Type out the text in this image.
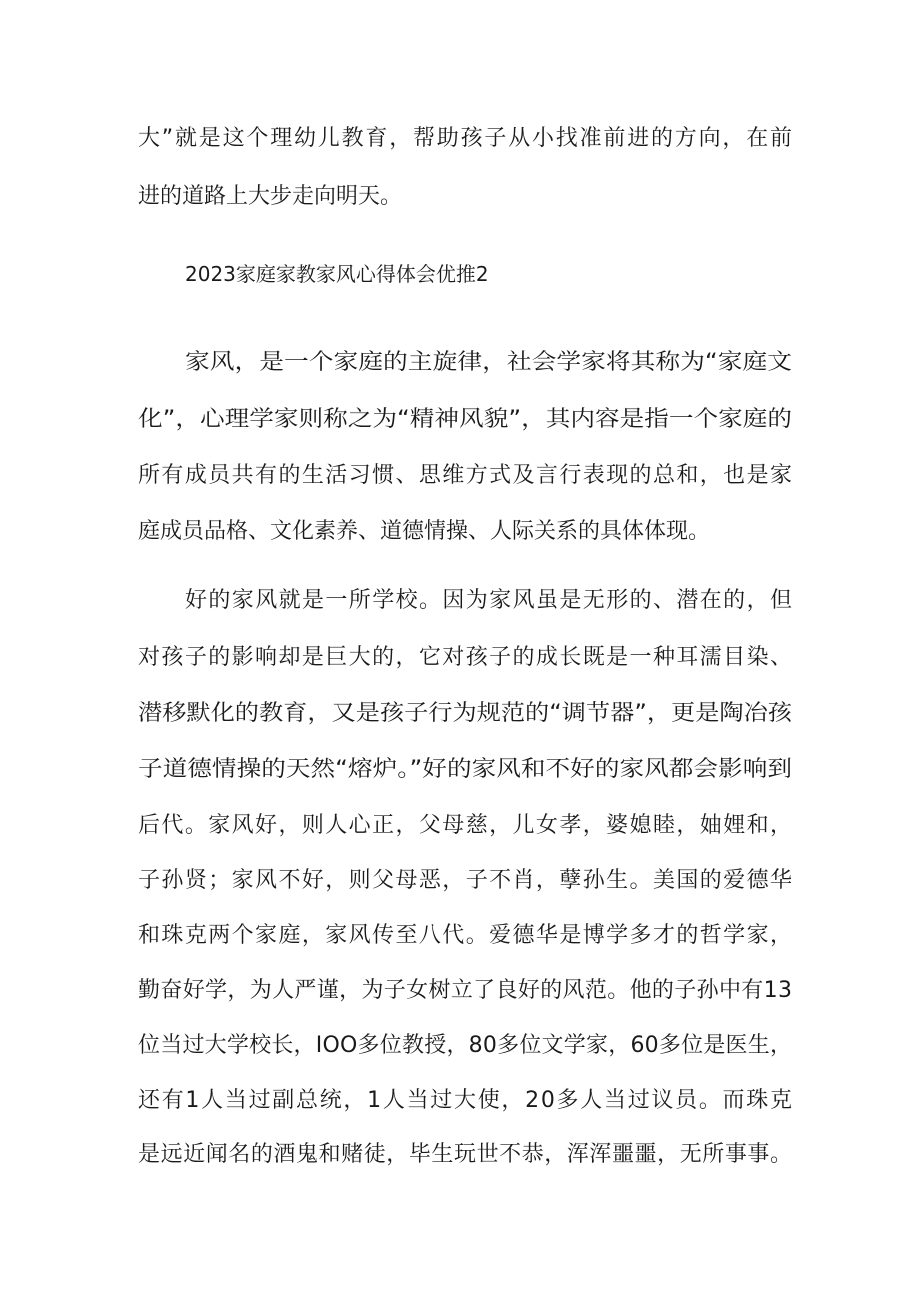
大”就是这个理幼儿教育，帮助孩子从小找准前进的方向，在前
进的道路上大步走向明天。
2023家庭家教家风心得体会优推2
家风，是一个家庭的主旋律，社会学家将其称为“家庭文
化”，心理学家则称之为“精神风貌”，其内容是指一个家庭的
所有成员共有的生活习惯、思维方式及言行表现的总和，也是家
庭成员品格、文化素养、道德情操、人际关系的具体体现。
好的家风就是一所学校。因为家风虽是无形的、潜在的，但
对孩子的影响却是巨大的，它对孩子的成长既是一种耳濡目染、
潜移默化的教育，又是孩子行为规范的“调节器”，更是陶冶孩
子道德情操的天然“熔炉。”好的家风和不好的家风都会影响到
后代。家风好，则人心正，父母慈，儿女孝，婆媳睦，妯娌和，
子孙贤；家风不好，则父母恶，子不肖，孽孙生。美国的爱德华
和珠克两个家庭，家风传至八代。爱德华是博学多才的哲学家，
勤奋好学，为人严谨，为子女树立了良好的风范。他的子孙中有13
位当过大学校长，IOO多位教授，80多位文学家，60多位是医生，
还有1人当过副总统，1人当过大使，20多人当过议员。而珠克
是远近闻名的酒鬼和赌徒，毕生玩世不恭，浑浑噩噩，无所事事。
